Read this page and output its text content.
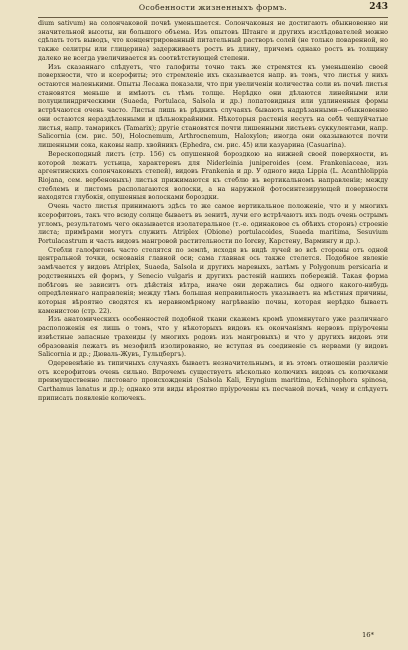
Особенности жизненныхъ формъ.	243

dium sativum) на солончаковой почвѣ уменьшается. Солончаковыя не достигаютъ обыкновенно ни значительной высоты, ни большого объема. Изъ опытовъ Штанге и другихъ изслѣдователей можно сдѣлать тотъ выводъ, что концентрированный питательный растворъ солей (не только поваренной, но также селитры или глицерина) задерживаетъ ростъ въ длину, причемъ однако ростъ въ толщину далеко не всегда увеличивается въ соотвѣтствующей степени.

Изъ сказаннаго слѣдуетъ, что галофиты точно такъ же стремятся къ уменьшенію своей поверхности, что и ксерофиты; это стремленіе ихъ сказывается напр. въ томъ, что листья у нихъ остаются маленькими. Опыты Лесажа показали, что при увеличеніи количества соли въ почвѣ листья становятся меньше и имѣютъ съ тѣмъ толще. Нерѣдко они дѣлаются линейными или полуцилиндрическими (Suaeda, Portulaca, Salsola и др.) лопатовидныя или удлиненныя формы встрѣчаются очень часто. Листья лишь въ рѣдкихъ случаяхъ бываютъ надрѣзанными—обыкновенно они остаются нераздѣленными и цѣльнокрайними. Нѣкоторыя растенія несутъ на себѣ чешуйчатые листья, напр. тамариксъ (Tamarix); другіе становятся почти лишенными листьевъ суккулентами, напр. Salicornia (см. рис. 50), Holocnemum, Arthrocnemum, Haloxylon; иногда они оказываются почти лишенными сока, каковы напр. хвойникъ (Ephedra, см. рис. 45) или казуарина (Casuarina).

Верескоподный листъ (стр. 156) съ опушенной бороздкою на нижней своей поверхности, въ которой лежатъ устьица, характеренъ для Niderleinia juniperoides (сем. Frankeniaceae, изъ аргентинскихъ солончаковыхъ степей), видовъ Frankenia и др. У одного вида Lippia (L. Acanthlolippia Riojana, сем. вербеновыхъ) листья прижимаются къ стеблю въ вертикальномъ направленіи; между стеблемъ и листомъ располагаются волоски, а на наружной фотосинтезирующей поверхности находятся глубокія, опушенныя волосками бороздки.

Очень часто листья принимаютъ здѣсь то же самое вертикальное положеніе, что и у многихъ ксерофитовъ, такъ что всюду солнце бываетъ въ зенитѣ, лучи его встрѣчаютъ ихъ подъ очень острымъ угломъ, результатомъ чего оказывается изолатеральное (т.-е. одинаковое съ обѣихъ сторонъ) строеніе листа; примѣрами могутъ служить Atriplex (Obione) portulacoides, Suaeda maritima, Sesuvium Portulacastrum и часть видовъ мангровой растительности по Iorєву, Карстену, Вармингу и др.).

Стебли галофитовъ часто стелятся по землѣ, исходя въ видѣ лучей во всѣ стороны отъ одной центральной точки, основанія главной оси; сама главная ось также стелется. Подобное явленіе замѣчается у видовъ Atriplex, Suaeda, Salsola и другихъ маревыхъ, затѣмъ у Polygonum persicaria и родственныхъ ей формъ, у Senecio vulgaris и другихъ растеній нашихъ побережій. Такая форма побѣговъ не зависитъ отъ дѣйствія вѣтра, иначе они держались бы одного какого-нибудь опредѣленнаго направленія; между тѣмъ большая неправильность указываетъ на мѣстныя причины, которыя вѣроятно сводятся къ неравномѣрному нагрѣванію почвы, которая нерѣдко бываетъ каменистою (стр. 22).

Изъ анатомическихъ особенностей подобной ткани скажемъ кромѣ упомянутаго уже различнаго расположенія ея лишь о томъ, что у нѣкоторыхъ видовъ къ окончаніямъ нервовъ пріурочены извѣстные запасные трахеиды (у многихъ родовъ изъ мангровыхъ) и что у другихъ видовъ эти образованія лежатъ въ мезофилѣ изолированно, не вступая въ соединеніе съ нервами (у видовъ Salicornia и др.; Дюваль-Жувъ, Гульцбергъ).

Одеревенѣніе въ типичныхъ случаяхъ бываетъ незначительнымъ, и въ этомъ отношеніи различіе отъ ксерофитовъ очень сильно. Впрочемъ существуетъ нѣсколько колючихъ видовъ съ колючками преимущественно листоваго происхожденія (Salsola Kali, Eryngium maritima, Echinophora spinosa, Carthamus lanatus и др.); однако эти виды вѣроятно пріурочены къ песчаной почвѣ, чему и слѣдуетъ приписать появленіе колючекъ.

16*
